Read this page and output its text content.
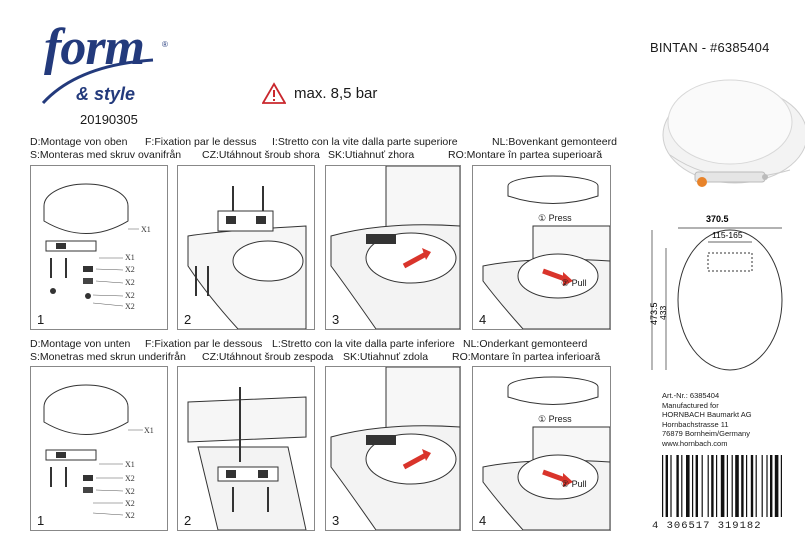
form ®
& style
20190305
max. 8,5 bar
BINTAN - #6385404
D:Montage von oben F:Fixation par le dessus I:Stretto con la vite dalla parte superiore	NL:Bovenkant gemonteerd
S:Monteras med skruv ovanifrån CZ:Utáhnout šroub shora SK:Utiahnuť zhora	RO:Montare în partea superioară
X1
X1
X2
X2
X2
X2
1	2	3
① Press
② Pull
4
370.5
115-165
473.5 433
D:Montage von unten F:Fixation par le dessous L:Stretto con la vite dalla parte inferiore NL:Onderkant gemonteerd
S:Monetras med skrun underifrån CZ:Utáhnout šroub zespoda SK:Utiahnuť zdola RO:Montare în partea inferioară
X1
X1
X2
X2
X2
X2
1	2	3
① Press
② Pull
4
Art.-Nr.: 6385404
Manufactured for
HORNBACH Baumarkt AG
Hornbachstrasse 11
76879 Bornheim/Germany
www.hornbach.com
4 306517 319182
